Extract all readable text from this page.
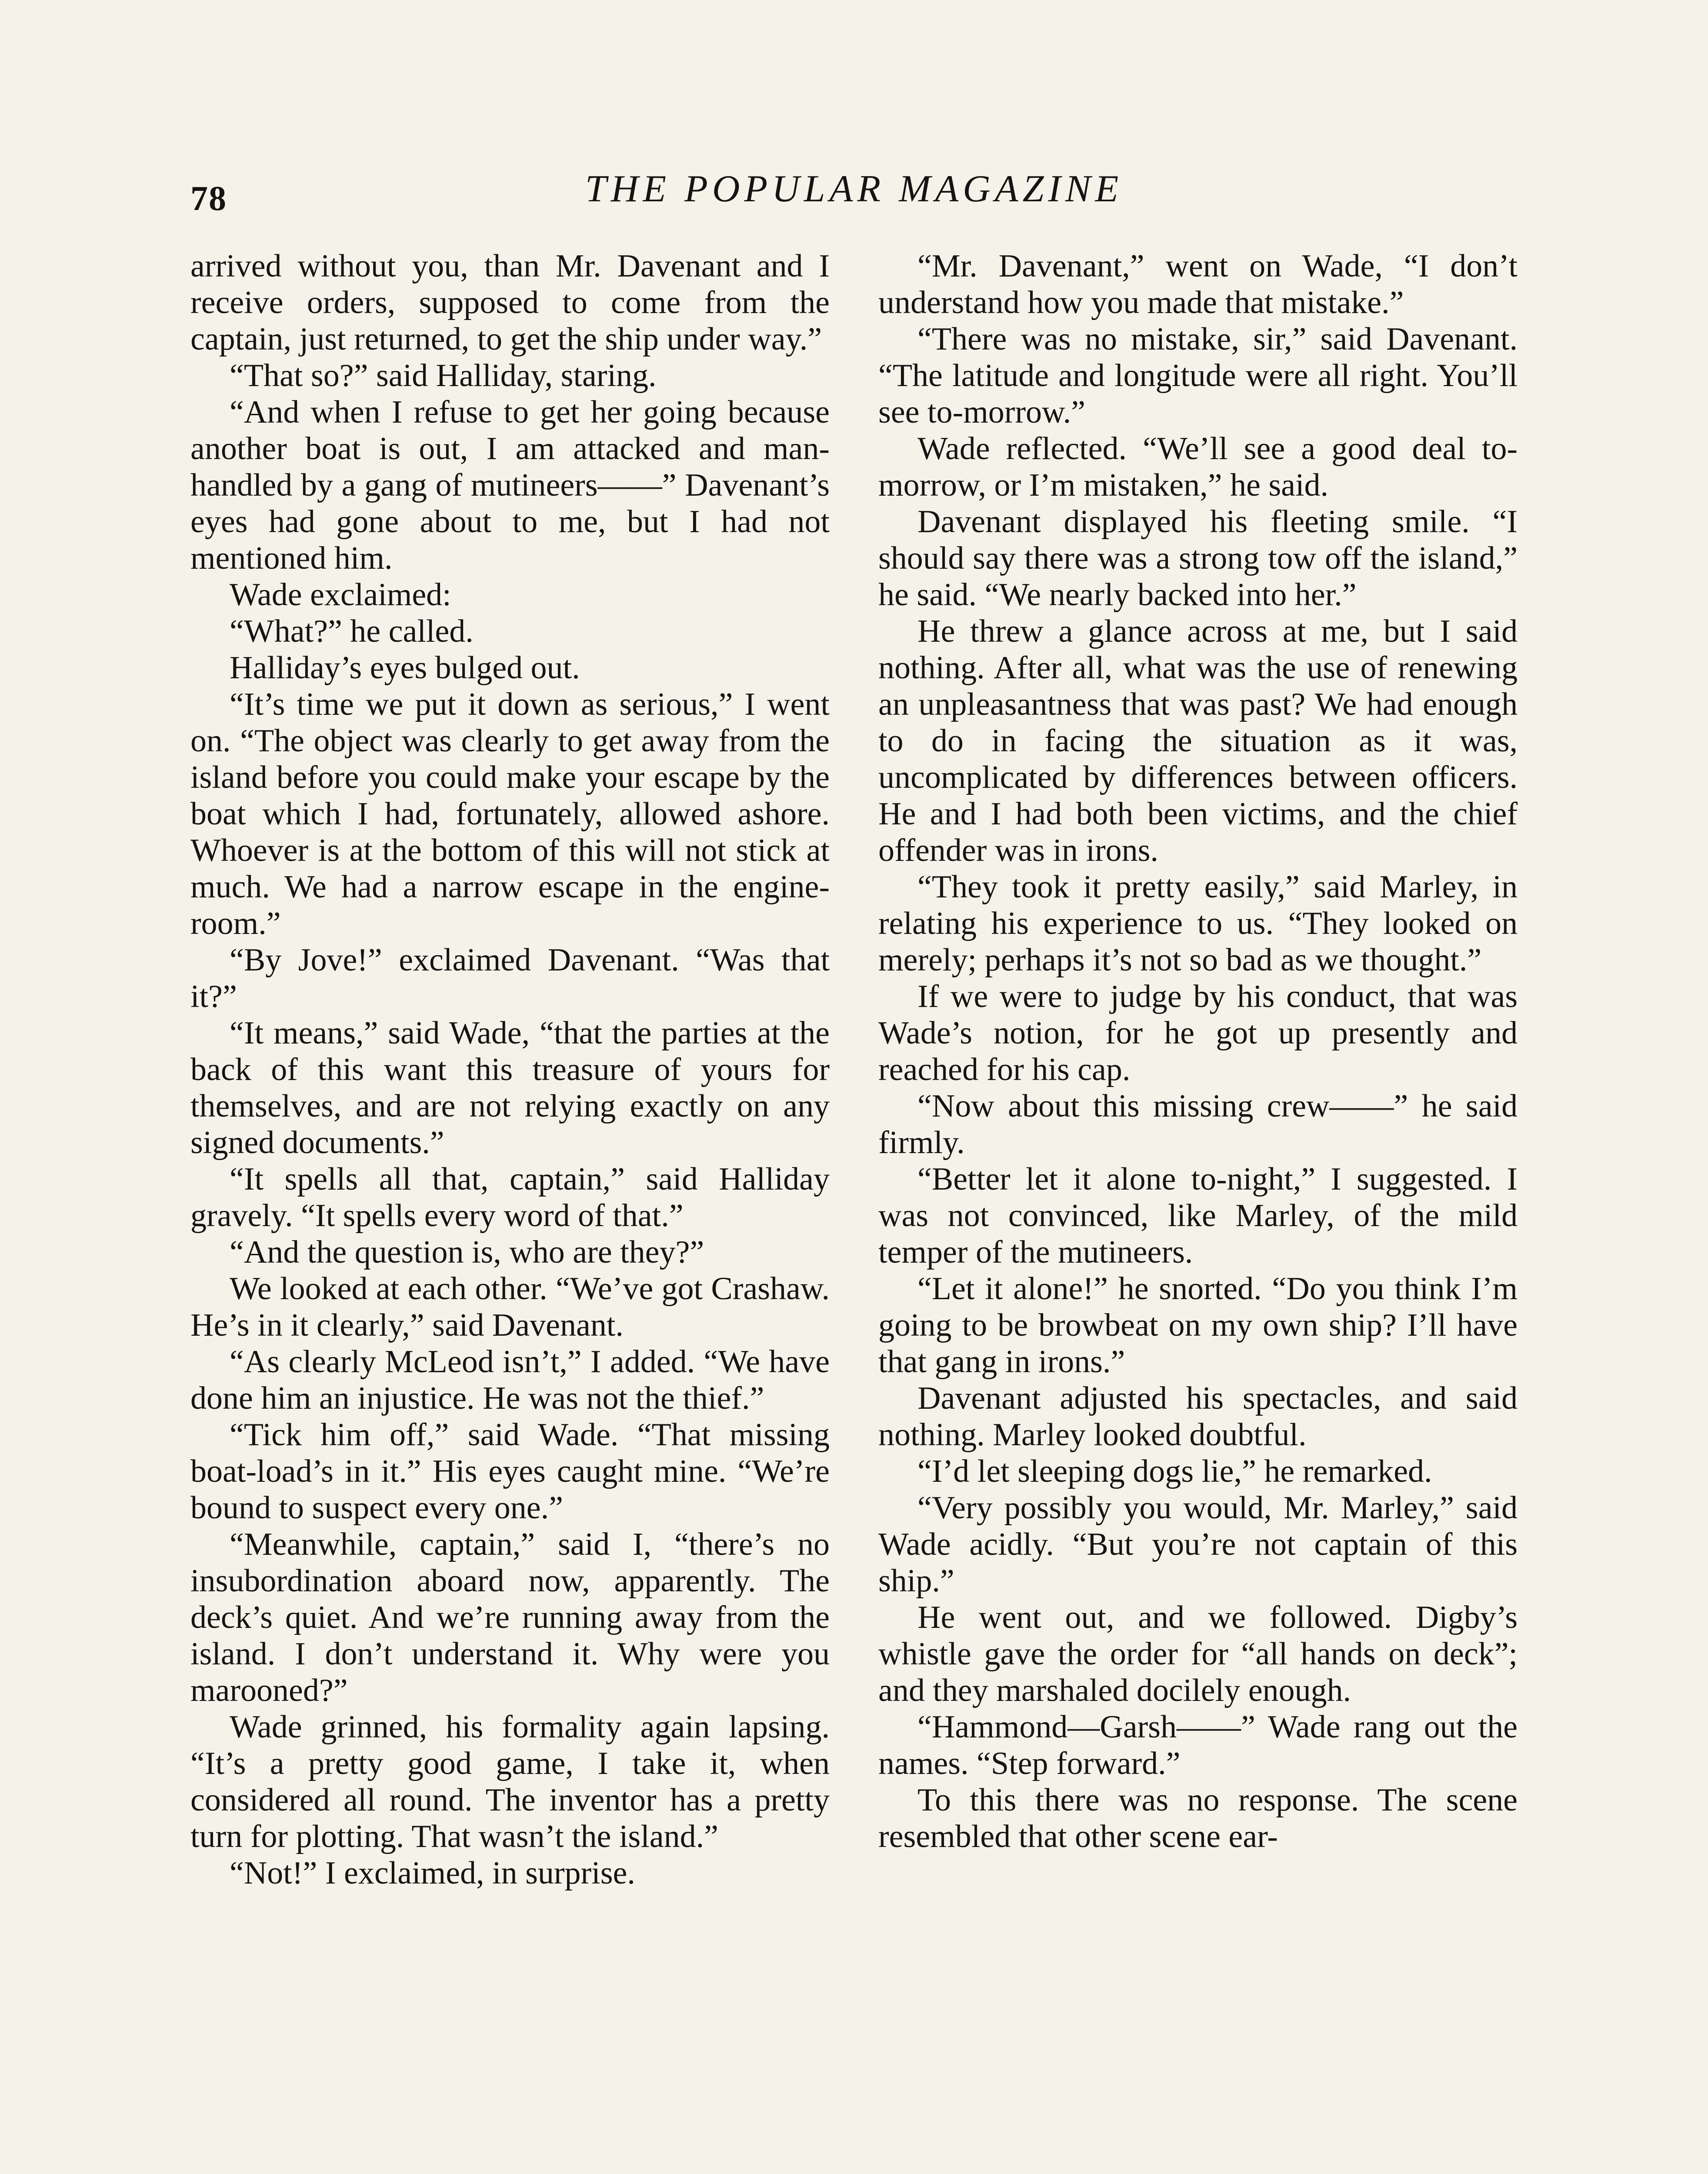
78	THE POPULAR MAGAZINE

arrived without you, than Mr. Davenant and I receive orders, supposed to come from the captain, just returned, to get the ship under way.”

“That so?” said Halliday, staring.

“And when I refuse to get her going because another boat is out, I am attacked and man-handled by a gang of mutineers——” Davenant’s eyes had gone about to me, but I had not mentioned him.

Wade exclaimed:

“What?” he called.

Halliday’s eyes bulged out.

“It’s time we put it down as serious,” I went on. “The object was clearly to get away from the island before you could make your escape by the boat which I had, fortunately, allowed ashore. Whoever is at the bottom of this will not stick at much. We had a narrow escape in the engine-room.”

“By Jove!” exclaimed Davenant. “Was that it?”

“It means,” said Wade, “that the parties at the back of this want this treasure of yours for themselves, and are not relying exactly on any signed documents.”

“It spells all that, captain,” said Halliday gravely. “It spells every word of that.”

“And the question is, who are they?”

We looked at each other. “We’ve got Crashaw. He’s in it clearly,” said Davenant.

“As clearly McLeod isn’t,” I added. “We have done him an injustice. He was not the thief.”

“Tick him off,” said Wade. “That missing boat-load’s in it.” His eyes caught mine. “We’re bound to suspect every one.”

“Meanwhile, captain,” said I, “there’s no insubordination aboard now, apparently. The deck’s quiet. And we’re running away from the island. I don’t understand it. Why were you marooned?”

Wade grinned, his formality again lapsing. “It’s a pretty good game, I take it, when considered all round. The inventor has a pretty turn for plotting. That wasn’t the island.”

“Not!” I exclaimed, in surprise.

“Mr. Davenant,” went on Wade, “I don’t understand how you made that mistake.”

“There was no mistake, sir,” said Davenant. “The latitude and longitude were all right. You’ll see to-morrow.”

Wade reflected. “We’ll see a good deal to-morrow, or I’m mistaken,” he said.

Davenant displayed his fleeting smile. “I should say there was a strong tow off the island,” he said. “We nearly backed into her.”

He threw a glance across at me, but I said nothing. After all, what was the use of renewing an unpleasantness that was past? We had enough to do in facing the situation as it was, uncomplicated by differences between officers. He and I had both been victims, and the chief offender was in irons.

“They took it pretty easily,” said Marley, in relating his experience to us. “They looked on merely; perhaps it’s not so bad as we thought.”

If we were to judge by his conduct, that was Wade’s notion, for he got up presently and reached for his cap.

“Now about this missing crew——” he said firmly.

“Better let it alone to-night,” I suggested. I was not convinced, like Marley, of the mild temper of the mutineers.

“Let it alone!” he snorted. “Do you think I’m going to be browbeat on my own ship? I’ll have that gang in irons.”

Davenant adjusted his spectacles, and said nothing. Marley looked doubtful.

“I’d let sleeping dogs lie,” he remarked.

“Very possibly you would, Mr. Marley,” said Wade acidly. “But you’re not captain of this ship.”

He went out, and we followed. Digby’s whistle gave the order for “all hands on deck”; and they marshaled docilely enough.

“Hammond—Garsh——” Wade rang out the names. “Step forward.”

To this there was no response. The scene resembled that other scene ear-
